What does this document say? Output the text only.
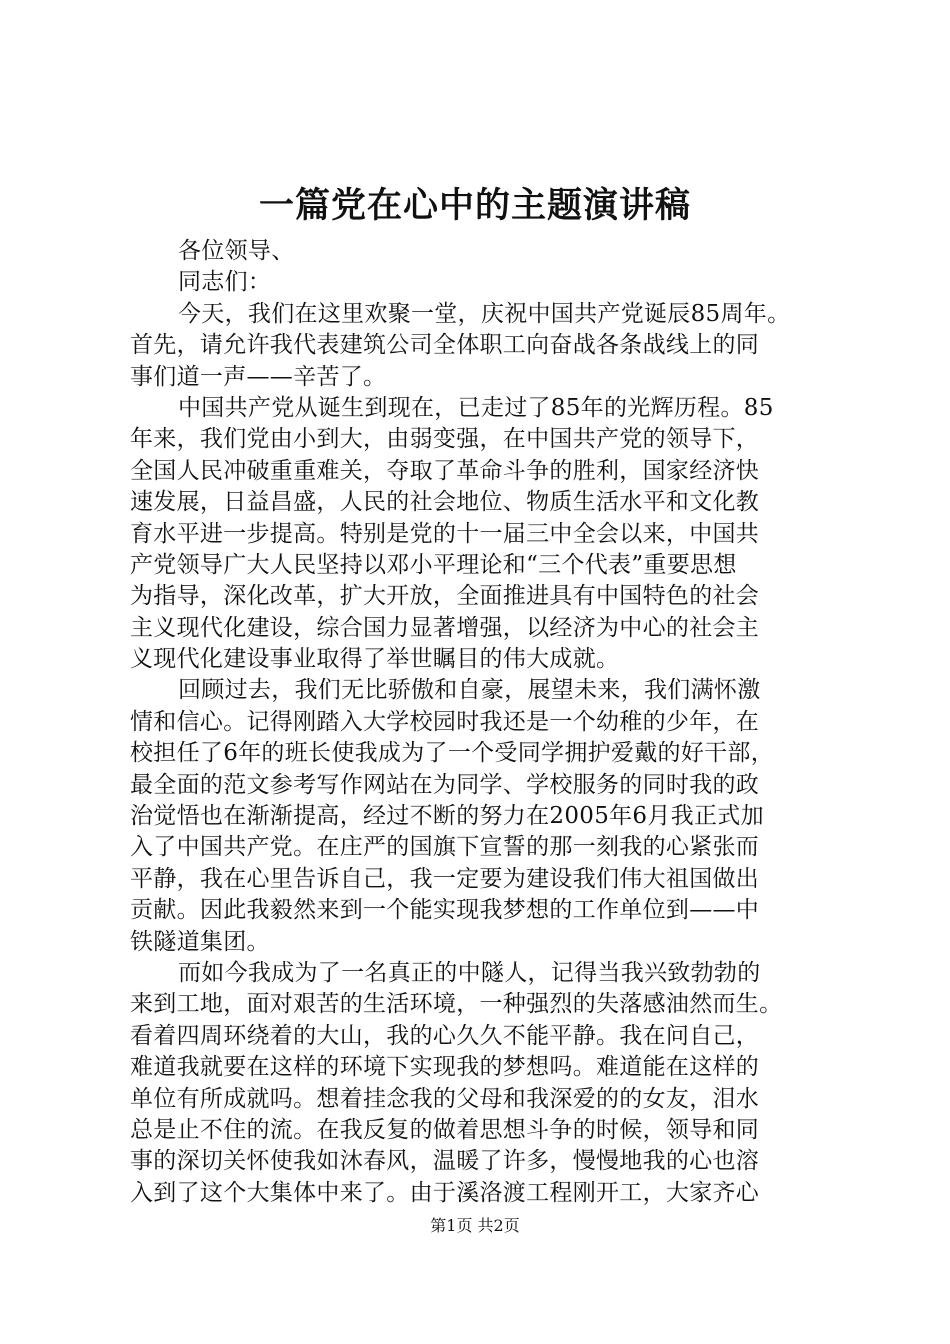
一篇党在心中的主题演讲稿
各位领导、
同志们：
今天，我们在这里欢聚一堂，庆祝中国共产党诞辰85周年。
首先，请允许我代表建筑公司全体职工向奋战各条战线上的同
事们道一声——辛苦了。
中国共产党从诞生到现在，已走过了85年的光辉历程。85
年来，我们党由小到大，由弱变强，在中国共产党的领导下，
全国人民冲破重重难关，夺取了革命斗争的胜利，国家经济快
速发展，日益昌盛，人民的社会地位、物质生活水平和文化教
育水平进一步提高。特别是党的十一届三中全会以来，中国共
产党领导广大人民坚持以邓小平理论和“三个代表”重要思想
为指导，深化改革，扩大开放，全面推进具有中国特色的社会
主义现代化建设，综合国力显著增强，以经济为中心的社会主
义现代化建设事业取得了举世瞩目的伟大成就。
回顾过去，我们无比骄傲和自豪，展望未来，我们满怀激
情和信心。记得刚踏入大学校园时我还是一个幼稚的少年，在
校担任了6年的班长使我成为了一个受同学拥护爱戴的好干部，
最全面的范文参考写作网站在为同学、学校服务的同时我的政
治觉悟也在渐渐提高，经过不断的努力在2005年6月我正式加
入了中国共产党。在庄严的国旗下宣誓的那一刻我的心紧张而
平静，我在心里告诉自己，我一定要为建设我们伟大祖国做出
贡献。因此我毅然来到一个能实现我梦想的工作单位到——中
铁隧道集团。
而如今我成为了一名真正的中隧人，记得当我兴致勃勃的
来到工地，面对艰苦的生活环境，一种强烈的失落感油然而生。
看着四周环绕着的大山，我的心久久不能平静。我在问自己，
难道我就要在这样的环境下实现我的梦想吗。难道能在这样的
单位有所成就吗。想着挂念我的父母和我深爱的的女友，泪水
总是止不住的流。在我反复的做着思想斗争的时候，领导和同
事的深切关怀使我如沐春风，温暖了许多，慢慢地我的心也溶
入到了这个大集体中来了。由于溪洛渡工程刚开工，大家齐心
第1页 共2页
